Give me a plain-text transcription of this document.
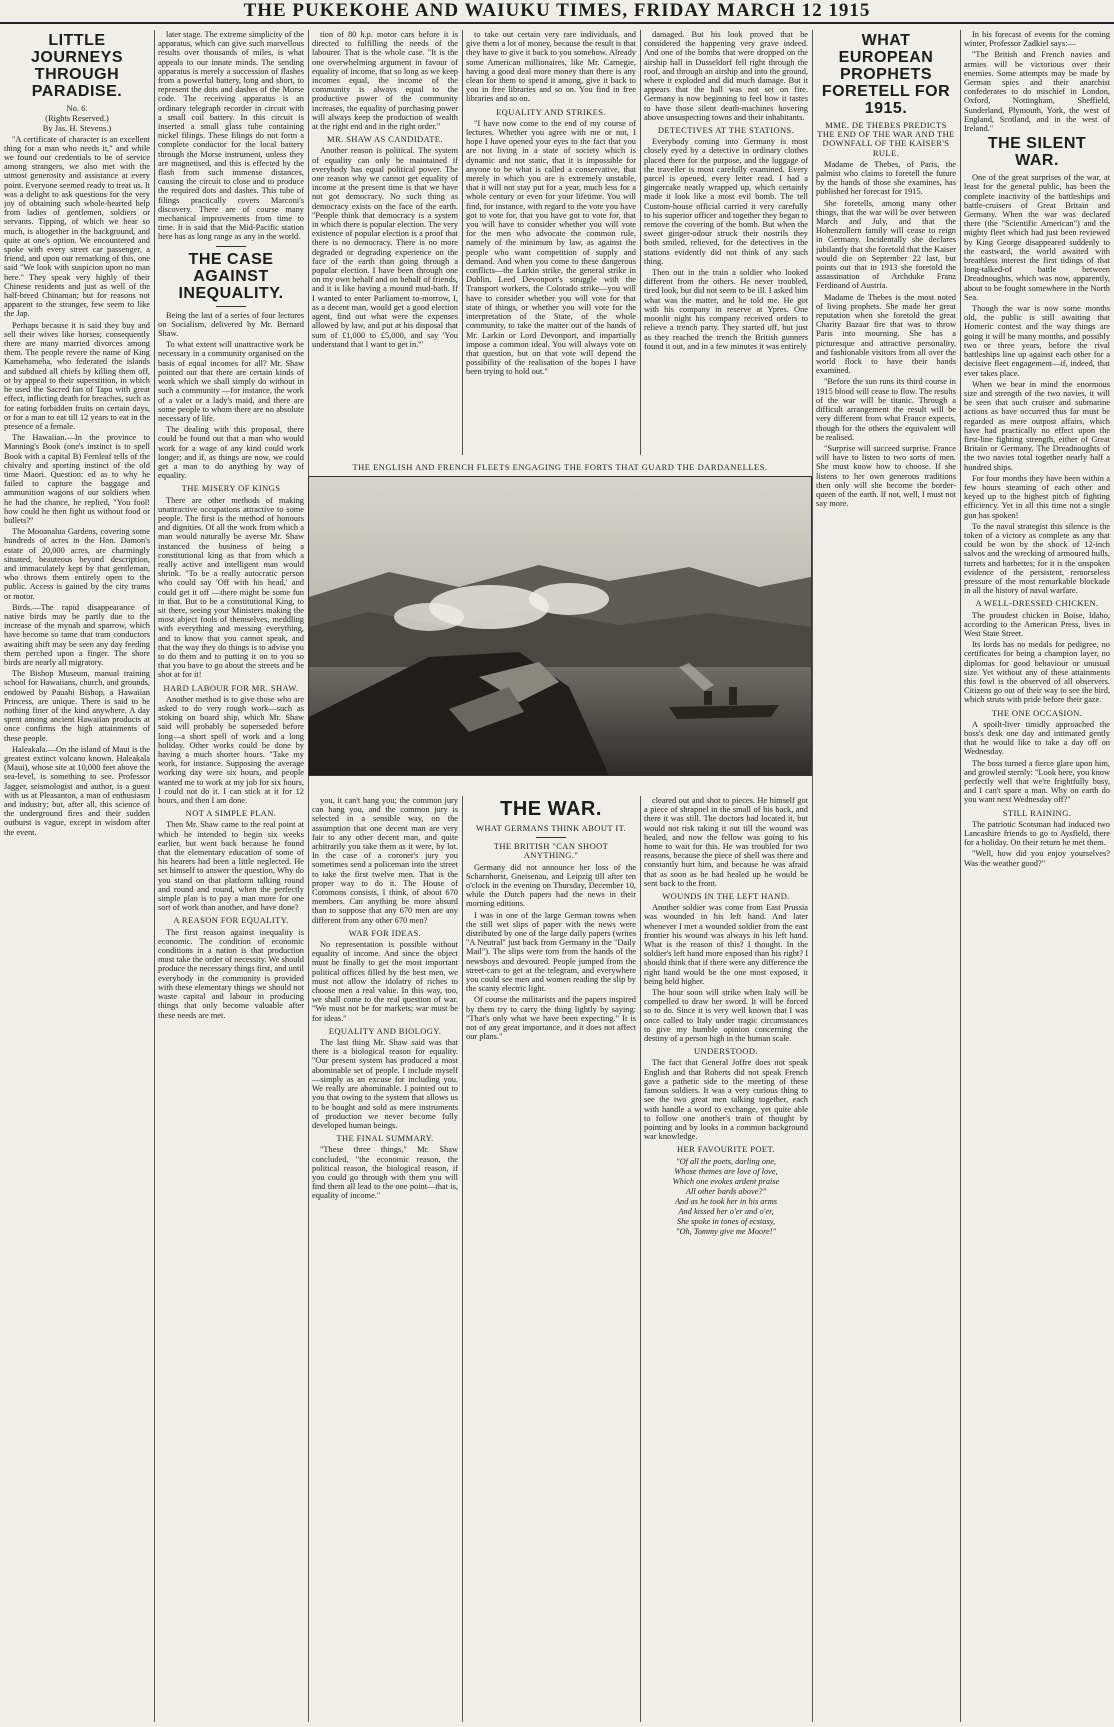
THE PUKEKOHE AND WAIUKU TIMES, FRIDAY MARCH 12 1915
LITTLE JOURNEYS THROUGH PARADISE.
No. 6.
(Rights Reserved.)
By Jas. H. Stevens.)

"A certificate of character is an excellent thing for a man who needs it," and while we found our credentials to be of service among strangers, we also met with the utmost generosity and assistance at every point. Everyone seemed ready to treat us. It was a delight to ask questions for the very joy of obtaining such whole-hearted help from ladies of gentlemen, soldiers or servants. Tipping, of which we hear so much, is altogether in the background, and quite at one's option. We encountered and spoke with every street car passenger, a friend, and upon our remarking of this, one said "We look with suspicion upon no man here." They speak very highly of their Chinese residents and just as well of the half-breed Chinaman; but for reasons not apparent to the stranger, few seem to like the Jap.

Perhaps because it is said they buy and sell their wives like horses; consequently there are many married divorces among them. The people revere the name of King Kamehameha, who federated the islands and subdued all chiefs by killing them off, or by appeal to their superstition, in which he used the Sacred fan of Tapu with great effect, inflicting death for breaches, such as for eating forbidden fruits on certain days, or for a man to eat till 12 years to eat in the presence of a female.

The Hawaiian.—In the province to Manning's Book (one's instinct is to spell Book with a capital B) Fernleaf tells of the chivalry and sporting instinct of the old time Maori. Question: ed as to why he failed to capture the baggage and ammunition wagons of our soldiers when he had the chance, he replied, "You fool! how could he then fight us without food or bullets?"

The Mooanalua Gardens, covering some hundreds of acres in the Hon. Damon's estate of 20,000 acres, are charmingly situated, beauteous beyond description, and immaculately kept by that gentleman, who throws them entirely open to the public. Access is gained by the city trams or motor.

Birds.—The rapid disappearance of native birds may be partly due to the increase of the mynah and sparrow, which have become so tame that tram conductors awaiting shift may be seen any day feeding them perched upon a finger. The shore birds are nearly all migratory.

The Bishop Museum, manual training school for Hawaiians, church, and grounds, endowed by Pauahi Bishop, a Hawaiian Princess, are unique. There is said to be nothing finer of the kind anywhere. A day spent among ancient Hawaiian products at once confirms the high attainments of these people.

Haleakala.—On the island of Maui is the greatest extinct volcano known. Haleakala (Maui), whose site at 10,000 feet above the sea-level, is something to see. Professor Jagger, seismologist and author, is a guest with us at Pleasanton, a man of enthusiasm and industry; but, after all, this science of the underground fires and their sudden outburst is vague, except in wisdom after the event.

later stage. The extreme simplicity of the apparatus, which can give such marvellous results over thousands of miles, is what appeals to our innate minds. The sending apparatus is merely a succession of flashes from a powerful battery, long and short, to represent the dots and dashes of the Morse code. The receiving apparatus is an ordinary telegraph recorder in circuit with a small coil battery. In this circuit is inserted a small glass tube containing nickel filings. These filings do not form a complete conductor for the local battery through the Morse instrument, unless they are magnetised, and this is effected by the flash from such immense distances, causing the circuit to close and to produce the required dots and dashes. This tube of filings practically covers Marconi's discovery. There are of course many mechanical improvements from time to time. It is said that the Mid-Pacific station here has as long range as any in the world.

THE CASE AGAINST INEQUALITY.

Being the last of a series of four lectures on Socialism, delivered by Mr. Bernard Shaw.

To what extent will unattractive work be necessary in a community organised on the basis of equal incomes for all? Mr. Shaw pointed out that there are certain kinds of work which we shall simply do without in such a community —for instance, the work of a valet or a lady's maid, and there are some people to whom there are no absolute necessary of life.

The dealing with this proposal, there could be found out that a man who would work for a wage of any kind could work longer; and if, as things are now, we could get a man to do anything by way of equality.

THE MISERY OF KINGS

There are other methods of making unattractive occupations attractive to some people. The first is the method of honours and dignities. Of all the work from which a man would naturally be averse Mr. Shaw instanced the business of being a constitutional king as that from which a really active and intelligent man would shrink. "To be a really autocratic person who could say 'Off with his head,' and could get it off —there might be some fun in that. But to be a constitutional King, to sit there, seeing your Ministers making the most abject fools of themselves, meddling with everything and messing everything, and to know that you cannot speak, and that the way they do things is to advise you to do them and to putting it on to you so that you have to go about the streets and be shot at for it!

HARD LABOUR FOR MR. SHAW.

Another method is to give those who are asked to do very rough work—such as stoking on board ship, which Mr. Shaw said will probably be superseded before long—a short spell of work and a long holiday. Other works could be done by having a much shorter hours. "Take my work, for instance. Supposing the average working day were six hours, and people wanted me to work at my job for six hours, I could not do it. I can stick at it for 12 hours, and then I am done.

NOT A SIMPLE PLAN.

Then Mr. Shaw came to the real point at which he intended to begin six weeks earlier, but went back because he found that the elementary education of some of his hearers had been a little neglected. He set himself to answer the question, Why do you stand on that platform talking round and round and round, when the perfectly simple plan is to pay a man more for one sort of work than another, and have done?

A REASON FOR EQUALITY.

The first reason against inequality is economic. The condition of economic conditions in a nation is that production must take the order of necessity. We should produce the necessary things first, and until everybody in the community is provided with these elementary things we should not waste capital and labour in producing things that only become valuable after these needs are met.

tion of 80 h.p. motor cars before it is directed to fulfilling the needs of the labourer. That is the whole case. "It is the one overwhelming argument in favour of equality of income, that so long as we keep incomes equal, the income of the community is always equal to the productive power of the community increases, the equality of purchasing power will always keep the production of wealth at the right end and in the right order."

MR. SHAW AS CANDIDATE.

Another reason is political. The system of equality can only be maintained if everybody has equal political power. The one reason why we cannot get equality of income at the present time is that we have not got democracy. No such thing as democracy exists on the face of the earth. "People think that democracy is a system in which there is popular election. The very existence of popular election is a proof that there is no democracy. There is no more degraded or degrading experience on the face of the earth than going through a popular election. I have been through one on my own behalf and on behalf of friends, and it is like having a mound mud-bath. If I wanted to enter Parliament to-morrow, I, as a decent man, would get a good election agent, find out what were the expenses allowed by law, and put at his disposal that sum of £1,000 to £5,000, and say 'You understand that I want to get in.'"

to take out certain very rare individuals, and give them a lot of money, because the result is that they have to give it back to you somehow. Already some American millionaires, like Mr. Carnegie, having a good deal more money than there is any clean for them to spend it among, give it back to you in free libraries and so on. You find in free libraries and so on.

EQUALITY AND STRIKES.

"I have now come to the end of my course of lectures. Whether you agree with me or not, I hope I have opened your eyes to the fact that you are not living in a state of society which is dynamic and not static, that it is impossible for anyone to be what is called a conservative, that merely in which you are is extremely unstable, that it will not stay put for a year, much less for a whole century or even for your lifetime. You will find, for instance, with regard to the vote you have got to vote for, that you have got to vote for, that you will have to consider whether you will vote for the men who advocate the common rule, namely of the minimum by law, as against the people who want competition of supply and demand. And when you come to these dangerous conflicts—the Larkin strike, the general strike in Dublin, Leed Devonport's struggle with the Transport workers, the Colorado strike—you will have to consider whether you will vote for that state of things, or whether you will vote for the interpretation of the State, of the whole community, to take the matter out of the hands of Mr. Larkin or Lord Devonport, and impartially impose a common ideal. You will always vote on that question, but on that vote will depend the possibility of the realisation of the hopes I have been trying to hold out."

damaged. But his look proved that he considered the happening very grave indeed. And one of the bombs that were dropped on the airship hall in Dusseldorf fell right through the roof, and through an airship and into the ground, where it exploded and did much damage. But it appears that the hall was not set on fire. Germany is now beginning to feel how it tastes to have those silent death-machines hovering above unsuspecting towns and their inhabitants.

DETECTIVES AT THE STATIONS.

Everybody coming into Germany is most closely eyed by a detective in ordinary clothes placed there for the purpose, and the luggage of the traveller is most carefully examined. Every parcel is opened, every letter read. I had a gingercake neatly wrapped up, which certainly made it look like a most evil bomb. The tell Custom-house official carried it very carefully to his superior officer and together they began to remove the covering of the bomb. But when the sweet ginger-odour struck their nostrils they both smiled, relieved, for the detectives in the stations evidently did not think of any such thing.

Then out in the train a soldier who looked different from the others. He never troubled, tired look, but did not seem to be ill. I asked him what was the matter, and he told me. He got with his company in reserve at Ypres. One moonlit night his company received orders to relieve a trench party. They started off, but just as they reached the trench the British gunners found it out, and in a few minutes it was entirely

THE ENGLISH AND FRENCH FLEETS ENGAGING THE FORTS THAT GUARD THE DARDANELLES.
WHAT EUROPEAN PROPHETS FORETELL FOR 1915.
MME. DE THEBES PREDICTS THE END OF THE WAR AND THE DOWNFALL OF THE KAISER'S RULE.

Madame de Thebes, of Paris, the palmist who claims to foretell the future by the hands of those she examines, has published her forecast for 1915.

She foretells, among many other things, that the war will be over between March and July, and that the Hohenzollern family will cease to reign in Germany. Incidentally she declares jubilantly that she foretold that the Kaiser would die on September 22 last, but points out that in 1913 she foretold the assassination of Archduke Franz Ferdinand of Austria.

Madame de Thebes is the most noted of living prophets. She made her great reputation when she foretold the great Charity Bazaar fire that was to throw Paris into mourning. She has a picturesque and attractive personality, and fashionable visitors from all over the world flock to have their hands examined.

"Before the sun runs its third course in 1915 blood will cease to flow. The results of the war will be titanic. Through a difficult arrangement the result will be very different from what France expects, though for the others the equivalent will be realised.

"Surprise will succeed surprise. France will have to listen to two sorts of men. She must know how to choose. If she listens to her own generous traditions then only will she become the border-queen of the earth. If not, well, I must not say more.

In his forecast of events for the coming winter, Professor Zadkiel says:—

"The British and French navies and armies will be victorious over their enemies. Some attempts may be made by German spies and their anarchist confederates to do mischief in London, Oxford, Nottingham, Sheffield, Sunderland, Plymouth, York, the west of England, Scotland, and in the west of Ireland."

THE SILENT WAR.

One of the great surprises of the war, at least for the general public, has been the complete inactivity of the battleships and battle-cruisers of Great Britain and Germany. When the war was declared there (the "Scientific American") and the mighty fleet which had just been reviewed by King George disappeared suddenly to the eastward, the world awaited with breathless interest the first tidings of that long-talked-of battle between Dreadnoughts, which was now, apparently, about to be fought somewhere in the North Sea.

Though the war is now some months old, the public is still awaiting that Homeric contest and the way things are going it will be many months, and possibly two or three years, before the rival battleships line up against each other for a decisive fleet engagement—if, indeed, that ever takes place.

When we bear in mind the enormous size and strength of the two navies, it will be seen that such cruiser and submarine actions as have occurred thus far must be regarded as mere outpost affairs, which have had practically no effect upon the first-line fighting strength, either of Great Britain or Germany. The Dreadnoughts of the two navies total together nearly half a hundred ships.

For four months they have been within a few hours steaming of each other and keyed up to the highest pitch of fighting efficiency. Yet in all this time not a single gun has spoken!

To the naval strategist this silence is the token of a victory as complete as any that could be won by the shock of 12-inch salvos and the wrecking of armoured hulls, turrets and barbettes; for it is the unspoken evidence of the persistent, remorseless pressure of the most remarkable blockade in all the history of naval warfare.

A WELL-DRESSED CHICKEN.

The proudest chicken in Boise, Idaho, according to the American Press, lives in West State Street.

Its lords has no medals for pedigree, no certificates for being a champion layer, no diplomas for good behaviour or unusual size. Yet without any of these attainments this fowl is the observed of all observers. Citizens go out of their way to see the bird, which struts with pride before their gaze.

THE ONE OCCASION.

A spoilt-liver timidly approached the boss's desk one day and intimated gently that he would like to take a day off on Wednesday.

The boss turned a fierce glare upon him, and growled sternly: "Look here, you know perfectly well that we're frightfully busy, and I can't spare a man. Why on earth do you want next Wednesday off?"

STILL RAINING.

The patriotic Scotsman had induced two Lancashire friends to go to Aysfield, there for a holiday. On their return he met them.

"Well, how did you enjoy yourselves? Was the weather good?"

you, it can't hang you; the common jury can hang you, and the common jury is selected in a sensible way, on the assumption that one decent man are very fair to any other decent man, and quite arbitrarily you take them as it were, by lot. In the case of a coroner's jury you sometimes send a policeman into the street to take the first twelve men. That is the proper way to do it. The House of Commons consists, I think, of about 670 members. Can anything be more absurd than to suppose that any 670 men are any different from any other 670 men?

WAR FOR IDEAS.

No representation is possible without equality of income. And since the object must be finally to get the most important political offices filled by the best men, we must not allow the idolatry of riches to choose men a real value. In this way, too, we shall come to the real question of war. "We must not be for markets; war must be for ideas."

EQUALITY AND BIOLOGY.

The last thing Mr. Shaw said was that there is a biological reason for equality. "Our present system has produced a most abominable set of people. I include myself—simply as an excuse for including you. We really are abominable. I pointed out to you that owing to the system that allows us to be bought and sold as mere instruments of production we never become fully developed human beings.

THE FINAL SUMMARY.

"These three things," Mr. Shaw concluded, "the economic reason, the political reason, the biological reason, if you could go through with them you will find them all lead to the one point—that is, equality of income."

THE WAR.
WHAT GERMANS THINK ABOUT IT.
THE BRITISH "CAN SHOOT ANYTHING."

Germany did not announce her loss of the Scharnhorst, Gneisenau, and Leipzig till after ten o'clock in the evening on Thursday, December 10, while the Dutch papers had the news in their morning editions.

I was in one of the large German towns when the still wet slips of paper with the news were distributed by one of the large daily papers (writes "A Neutral" just back from Germany in the "Daily Mail"). The slips were torn from the hands of the newsboys and devoured. People jumped from the street-cars to get at the telegram, and everywhere you could see men and women reading the slip by the scanty electric light.

Of course the militarists and the papers inspired by them try to carry the thing lightly by saying: "That's only what we have been expecting." It is not of any great importance, and it does not affect our plans."

cleared out and shot to pieces. He himself got a piece of shrapnel in the small of his back, and there it was still. The doctors had located it, but would not risk taking it out till the wound was healed, and now the fellow was going to his home to wait for this. He was troubled for two reasons, because the piece of shell was there and constantly hurt him, and because he was afraid that as soon as he had healed up he would be sent back to the front.

WOUNDS IN THE LEFT HAND.

Another soldier was come from East Prussia was wounded in his left hand. And later whenever I met a wounded soldier from the east frontier his wound was always in his left hand. What is the reason of this? I thought. In the soldier's left hand more exposed than his right? I should think that if there were any difference the right hand would be the one most exposed, it being held higher.

The hour soon will strike when Italy will be compelled to draw her sword. It will be forced so to do. Since it is very well known that I was once called to Italy under tragic circumstances to give my humble opinion concerning the destiny of a person high in the human scale.

UNDERSTOOD.

The fact that General Joffre does not speak English and that Roberts did not speak French gave a pathetic side to the meeting of these famous soldiers. It was a very curious thing to see the two great men talking together, each with handle a word to exchange, yet quite able to follow one another's train of thought by pointing and by looks in a common background war knowledge.

HER FAVOURITE POET.
"Of all the poets, darling one,
Whose themes are love of love,
Which one evokes ardent praise
All other bards above?"
And as he took her in his arms
And kissed her o'er and o'er,
She spoke in tones of ecstasy,
"Oh, Tommy give me Moore!"
